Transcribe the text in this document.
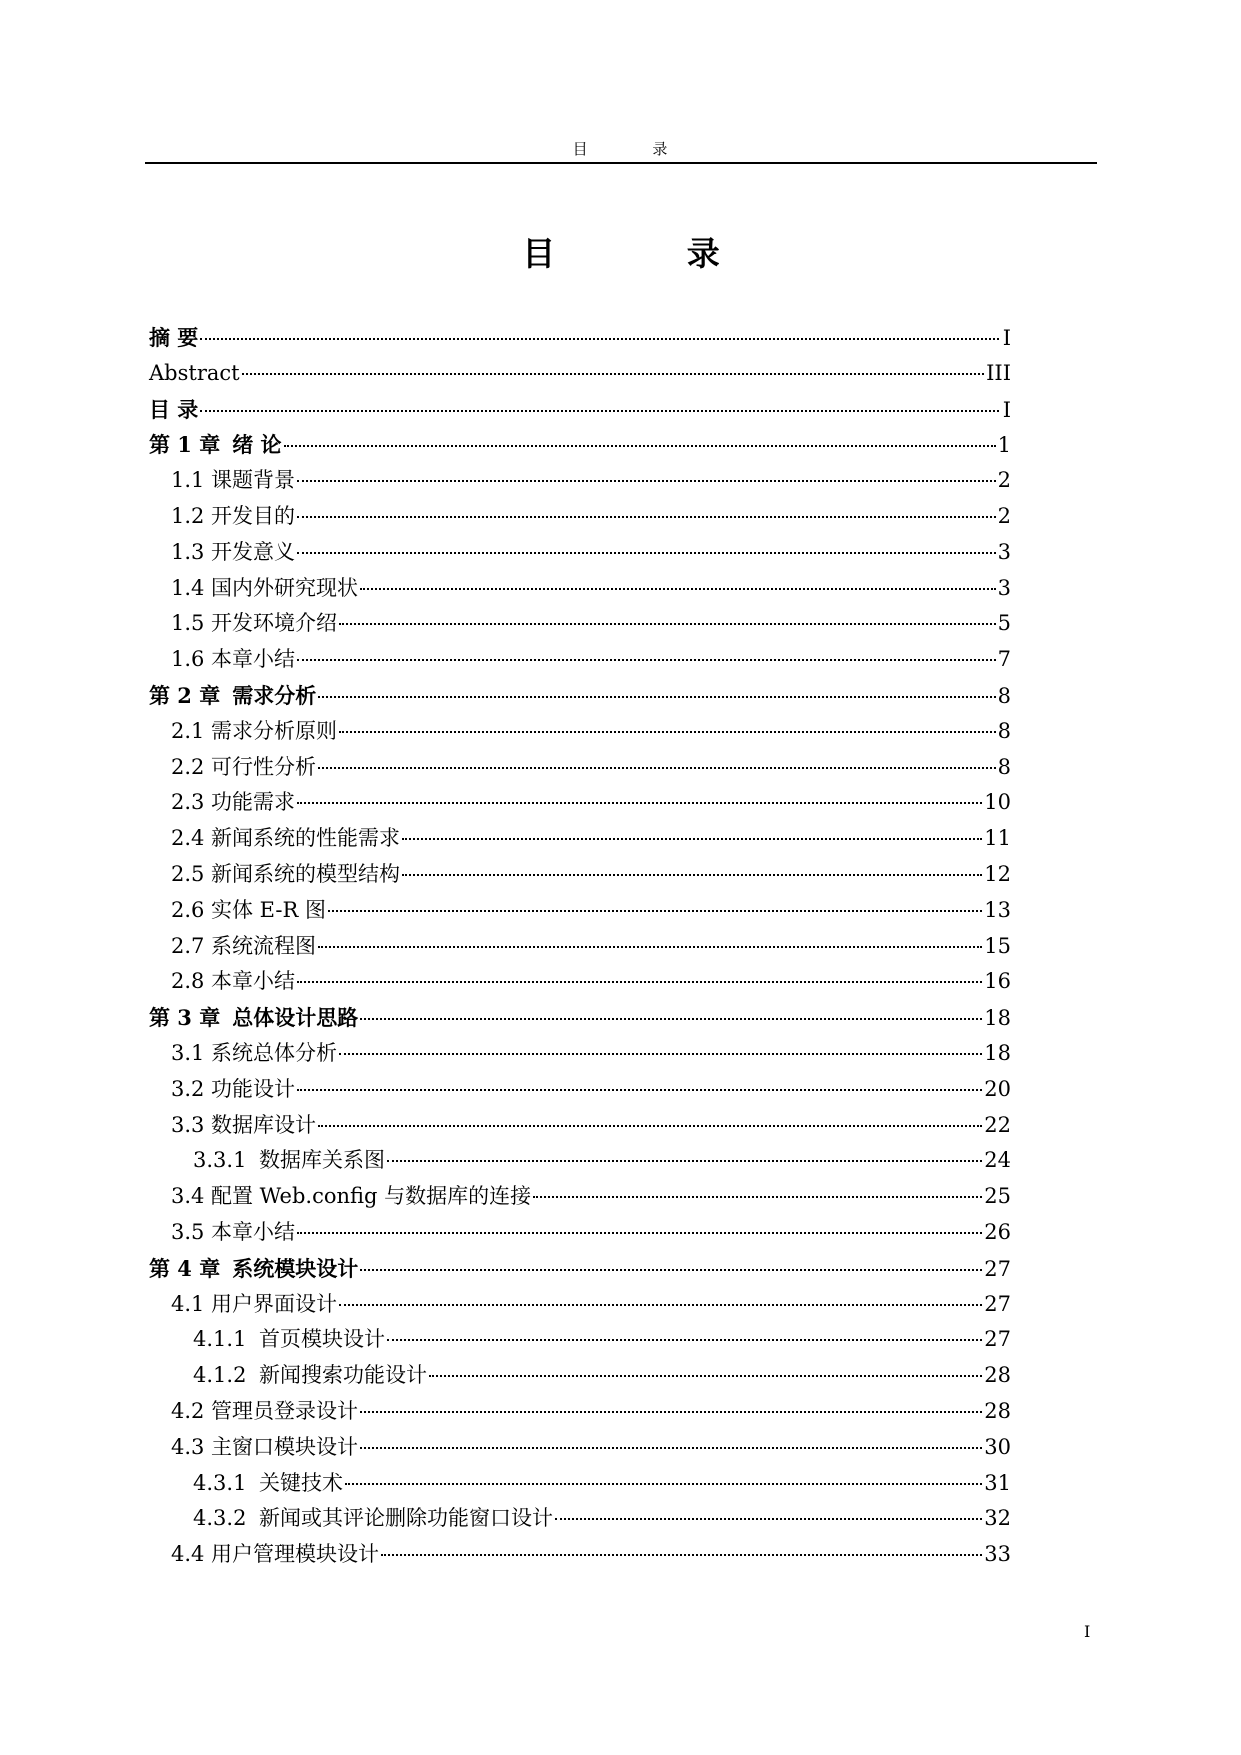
目 录
目 录
摘 要	I
Abstract	III
目 录	I
第 1 章 绪 论	1
1.1 课题背景	2
1.2 开发目的	2
1.3 开发意义	3
1.4 国内外研究现状	3
1.5 开发环境介绍	5
1.6 本章小结	7
第 2 章 需求分析	8
2.1 需求分析原则	8
2.2 可行性分析	8
2.3 功能需求	10
2.4 新闻系统的性能需求	11
2.5 新闻系统的模型结构	12
2.6 实体 E-R 图	13
2.7 系统流程图	15
2.8 本章小结	16
第 3 章 总体设计思路	18
3.1 系统总体分析	18
3.2 功能设计	20
3.3 数据库设计	22
3.3.1 数据库关系图	24
3.4 配置 Web.config 与数据库的连接	25
3.5 本章小结	26
第 4 章 系统模块设计	27
4.1 用户界面设计	27
4.1.1 首页模块设计	27
4.1.2 新闻搜索功能设计	28
4.2 管理员登录设计	28
4.3 主窗口模块设计	30
4.3.1 关键技术	31
4.3.2 新闻或其评论删除功能窗口设计	32
4.4 用户管理模块设计	33
I
